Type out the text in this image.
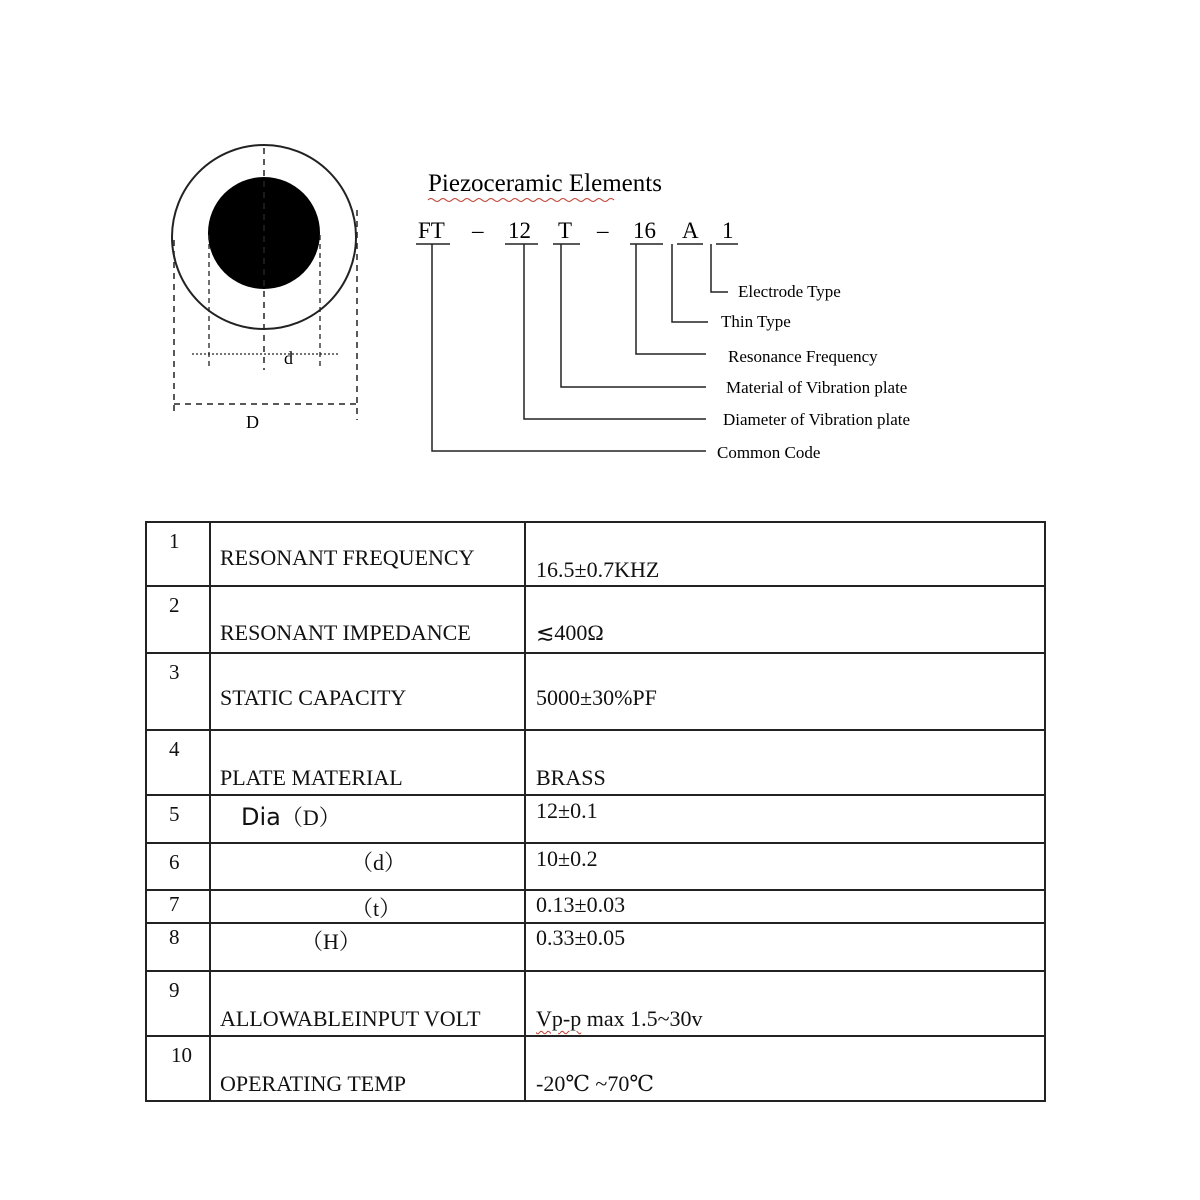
d
D
Piezoceramic Elements
FT – 12 T – 16 A 1
Electrode Type
Thin Type
Resonance Frequency
Material of Vibration plate
Diameter of Vibration plate
Common Code
1	RESONANT FREQUENCY	16.5±0.7KHZ

2	RESONANT IMPEDANCE	≲400Ω

3	STATIC CAPACITY	5000±30%PF

4	PLATE MATERIAL	BRASS

5	Dia（D）	12±0.1

6	（d）	10±0.2

7	（t）	0.13±0.03

8	（H）	0.33±0.05

9	ALLOWABLEINPUT VOLT	Vp-p max 1.5~30v

10	OPERATING TEMP	-20℃ ~70℃
